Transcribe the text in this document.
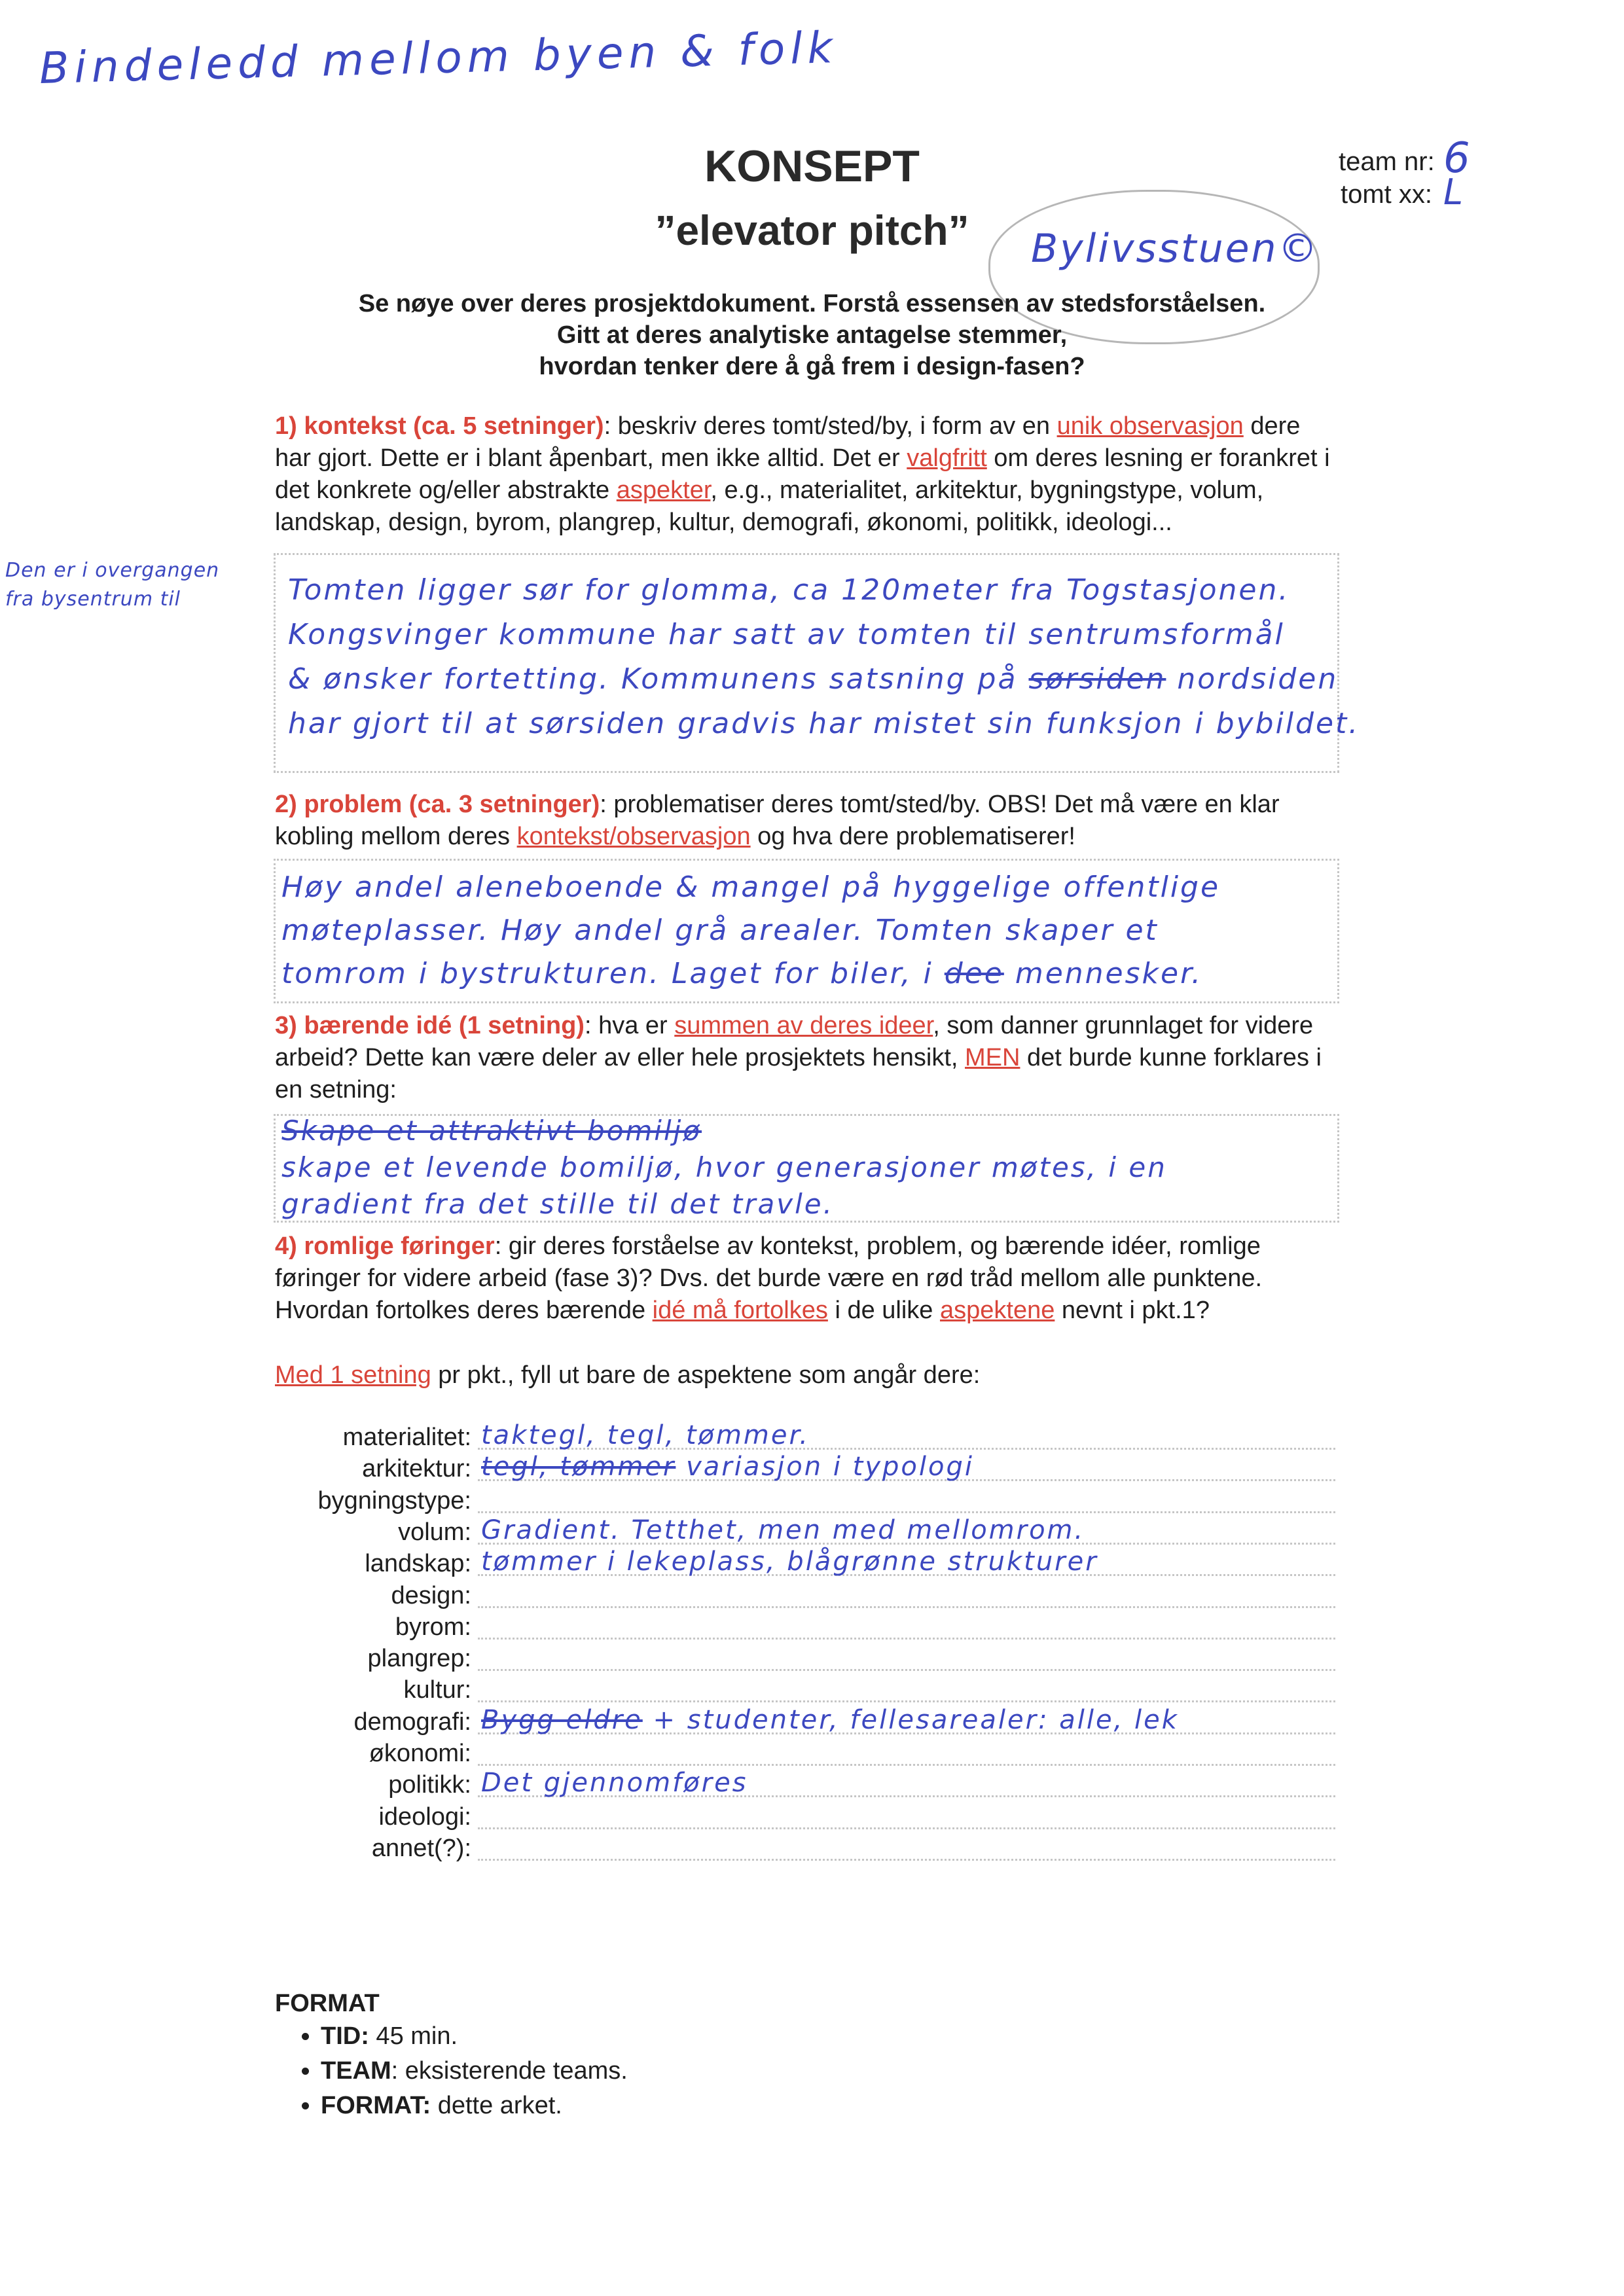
Bindeledd mellom byen & folk
KONSEPT
”elevator pitch”	Bylivsstuen©
team nr: 6
tomt xx: L
Se nøye over deres prosjektdokument. Forstå essensen av stedsforståelsen.
Gitt at deres analytiske antagelse stemmer,
hvordan tenker dere å gå frem i design-fasen?

1) kontekst (ca. 5 setninger): beskriv deres tomt/sted/by, i form av en unik observasjon dere har gjort. Dette er i blant åpenbart, men ikke alltid. Det er valgfritt om deres lesning er forankret i det konkrete og/eller abstrakte aspekter, e.g., materialitet, arkitektur, bygningstype, volum, landskap, design, byrom, plangrep, kultur, demografi, økonomi, politikk, ideologi...

Den er i overgangen
fra bysentrum til	Tomten ligger sør for glomma, ca 120meter fra Togstasjonen.
Kongsvinger kommune har satt av tomten til sentrumsformål
& ønsker fortetting. Kommunens satsning på sørsiden nordsiden
har gjort til at sørsiden gradvis har mistet sin funksjon i bybildet.

2) problem (ca. 3 setninger): problematiser deres tomt/sted/by. OBS! Det må være en klar kobling mellom deres kontekst/observasjon og hva dere problematiserer!

Høy andel aleneboende & mangel på hyggelige offentlige
møteplasser. Høy andel grå arealer. Tomten skaper et
tomrom i bystrukturen. Laget for biler, i dee mennesker.

3) bærende idé (1 setning): hva er summen av deres ideer, som danner grunnlaget for videre arbeid? Dette kan være deler av eller hele prosjektets hensikt, MEN det burde kunne forklares i en setning:

Skape et attraktivt bomiljø
skape et levende bomiljø, hvor generasjoner møtes, i en
gradient fra det stille til det travle.

4) romlige føringer: gir deres forståelse av kontekst, problem, og bærende idéer, romlige føringer for videre arbeid (fase 3)? Dvs. det burde være en rød tråd mellom alle punktene. Hvordan fortolkes deres bærende idé må fortolkes i de ulike aspektene nevnt i pkt.1?

Med 1 setning pr pkt., fyll ut bare de aspektene som angår dere:

materialitet: taktegl, tegl, tømmer.
arkitektur: tegl, tømmer variasjon i typologi
bygningstype:
volum: Gradient. Tetthet, men med mellomrom.
landskap: tømmer i lekeplass, blågrønne strukturer
design:
byrom:
plangrep:
kultur:
demografi: Bygg eldre + studenter, fellesarealer: alle, lek
økonomi:
politikk: Det gjennomføres
ideologi:
annet(?):
FORMAT
• TID: 45 min.
• TEAM: eksisterende teams.
• FORMAT: dette arket.
